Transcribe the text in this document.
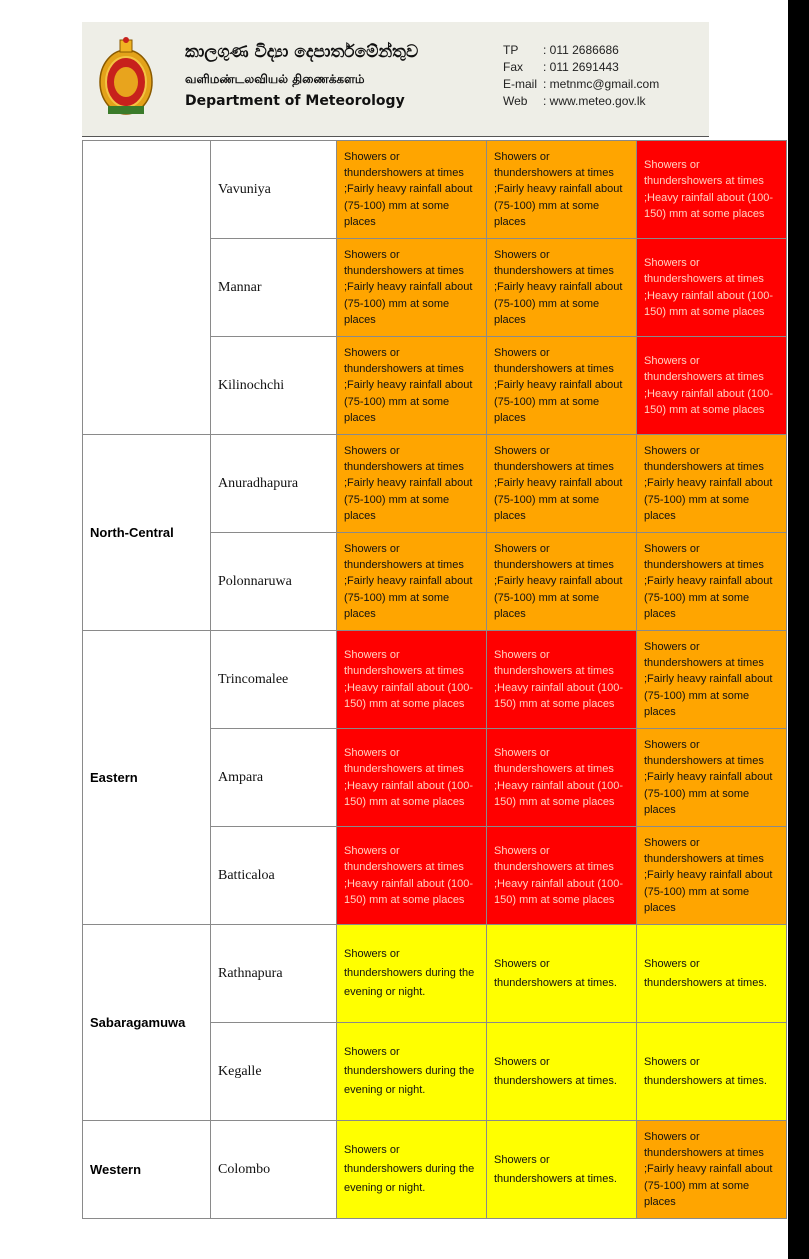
කාලගුණ විද්‍යා දෙපාර්තමේන්තුව
வளிமண்டலவியல் திணைக்களம்
Department of Meteorology
TP : 011 2686686
Fax : 011 2691443
E-mail : metnmc@gmail.com
Web : www.meteo.gov.lk
	Vavuniya	Showers or thundershowers at times ;Fairly heavy rainfall about (75-100) mm at some places	Showers or thundershowers at times ;Fairly heavy rainfall about (75-100) mm at some places	Showers or thundershowers at times ;Heavy rainfall about (100-150) mm at some places
	Mannar	Showers or thundershowers at times ;Fairly heavy rainfall about (75-100) mm at some places	Showers or thundershowers at times ;Fairly heavy rainfall about (75-100) mm at some places	Showers or thundershowers at times ;Heavy rainfall about (100-150) mm at some places
	Kilinochchi	Showers or thundershowers at times ;Fairly heavy rainfall about (75-100) mm at some places	Showers or thundershowers at times ;Fairly heavy rainfall about (75-100) mm at some places	Showers or thundershowers at times ;Heavy rainfall about (100-150) mm at some places
North-Central	Anuradhapura	Showers or thundershowers at times ;Fairly heavy rainfall about (75-100) mm at some places	Showers or thundershowers at times ;Fairly heavy rainfall about (75-100) mm at some places	Showers or thundershowers at times ;Fairly heavy rainfall about (75-100) mm at some places
	Polonnaruwa	Showers or thundershowers at times ;Fairly heavy rainfall about (75-100) mm at some places	Showers or thundershowers at times ;Fairly heavy rainfall about (75-100) mm at some places	Showers or thundershowers at times ;Fairly heavy rainfall about (75-100) mm at some places
Eastern	Trincomalee	Showers or thundershowers at times ;Heavy rainfall about (100- 150) mm at some places	Showers or thundershowers at times ;Heavy rainfall about (100- 150) mm at some places	Showers or thundershowers at times ;Fairly heavy rainfall about (75-100) mm at some places
	Ampara	Showers or thundershowers at times ;Heavy rainfall about (100- 150) mm at some places	Showers or thundershowers at times ;Heavy rainfall about (100- 150) mm at some places	Showers or thundershowers at times ;Fairly heavy rainfall about (75-100) mm at some places
	Batticaloa	Showers or thundershowers at times ;Heavy rainfall about (100- 150) mm at some places	Showers or thundershowers at times ;Heavy rainfall about (100- 150) mm at some places	Showers or thundershowers at times ;Fairly heavy rainfall about (75-100) mm at some places
Sabaragamuwa	Rathnapura	Showers or thundershowers during the evening or night.	Showers or thundershowers at times.	Showers or thundershowers at times.
	Kegalle	Showers or thundershowers during the evening or night.	Showers or thundershowers at times.	Showers or thundershowers at times.
Western	Colombo	Showers or thundershowers during the evening or night.	Showers or thundershowers at times.	Showers or thundershowers at times ;Fairly heavy rainfall about (75-100) mm at some places
